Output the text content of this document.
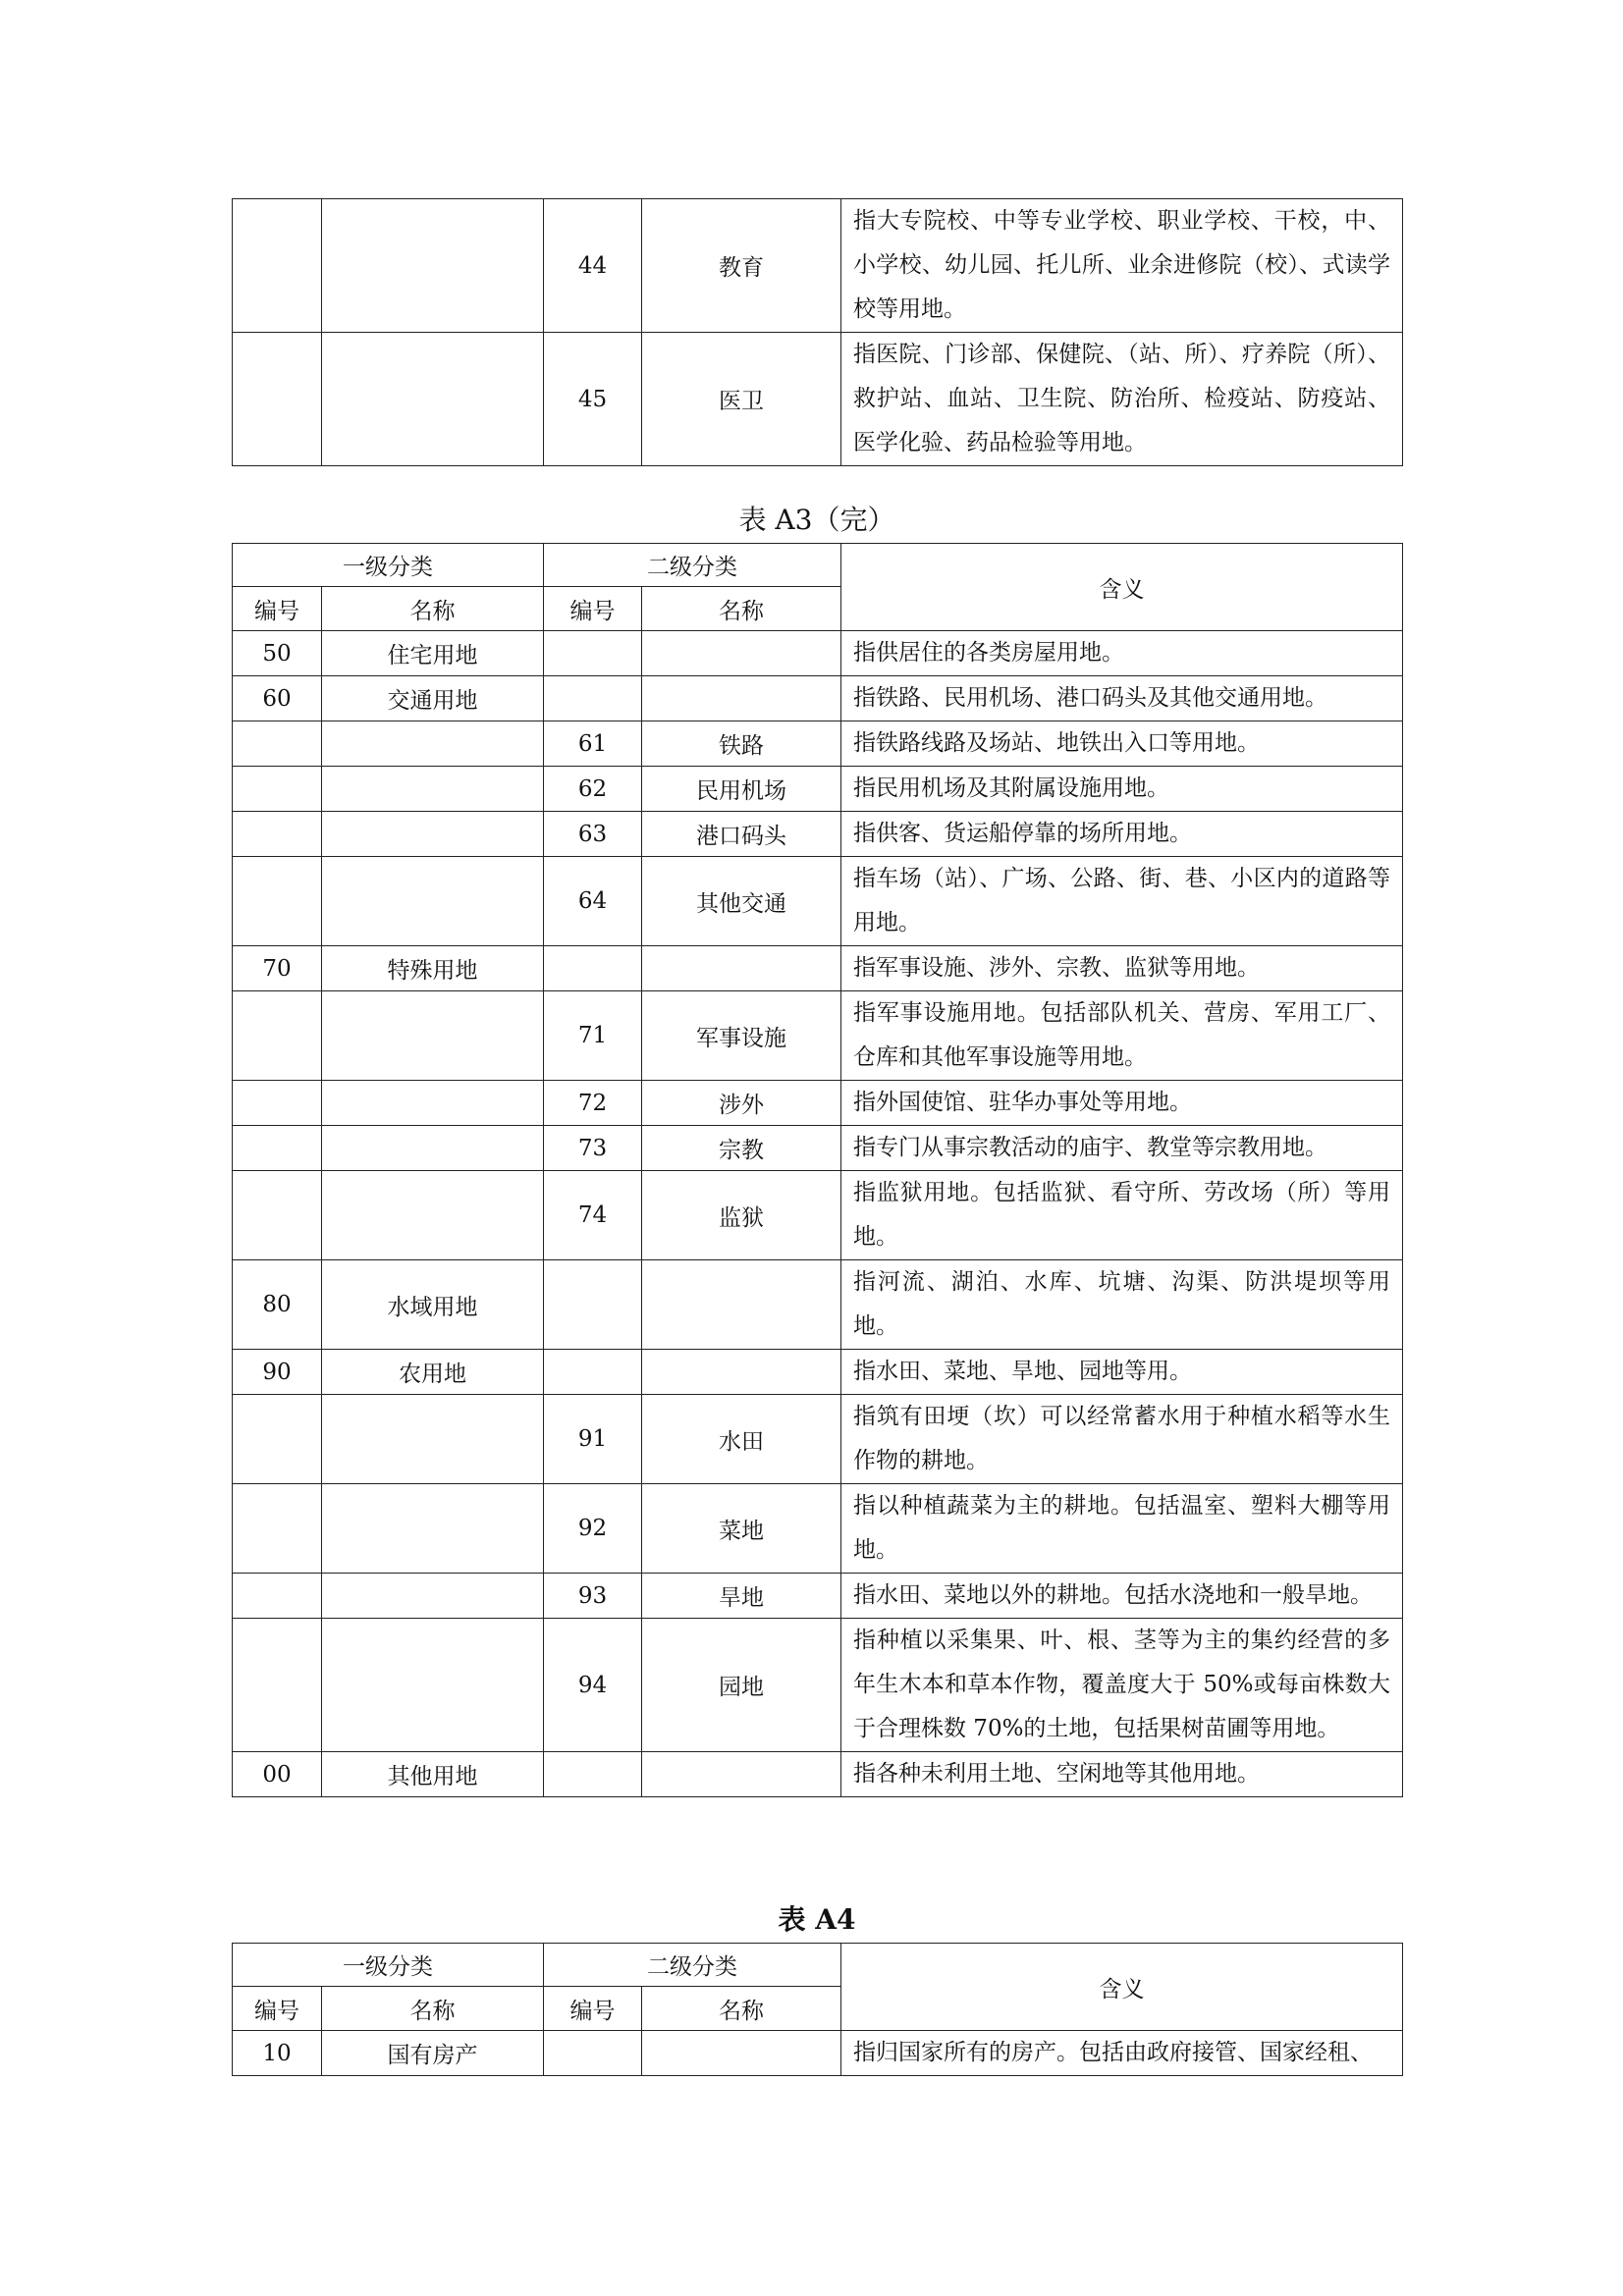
		44	教育	指大专院校、中等专业学校、职业学校、干校，中、小学校、幼儿园、托儿所、业余进修院（校）、式读学校等用地。
		45	医卫	指医院、门诊部、保健院、（站、所）、疗养院（所）、救护站、血站、卫生院、防治所、检疫站、防疫站、医学化验、药品检验等用地。
表 A3（完）
一级分类		二级分类		含义
编号	名称	编号	名称	
50	住宅用地			指供居住的各类房屋用地。
60	交通用地			指铁路、民用机场、港口码头及其他交通用地。
		61	铁路	指铁路线路及场站、地铁出入口等用地。
		62	民用机场	指民用机场及其附属设施用地。
		63	港口码头	指供客、货运船停靠的场所用地。
		64	其他交通	指车场（站）、广场、公路、街、巷、小区内的道路等用地。
70	特殊用地			指军事设施、涉外、宗教、监狱等用地。
		71	军事设施	指军事设施用地。包括部队机关、营房、军用工厂、仓库和其他军事设施等用地。
		72	涉外	指外国使馆、驻华办事处等用地。
		73	宗教	指专门从事宗教活动的庙宇、教堂等宗教用地。
		74	监狱	指监狱用地。包括监狱、看守所、劳改场（所）等用地。
80	水域用地			指河流、湖泊、水库、坑塘、沟渠、防洪堤坝等用地。
90	农用地			指水田、菜地、旱地、园地等用。
		91	水田	指筑有田埂（坎）可以经常蓄水用于种植水稻等水生作物的耕地。
		92	菜地	指以种植蔬菜为主的耕地。包括温室、塑料大棚等用地。
		93	旱地	指水田、菜地以外的耕地。包括水浇地和一般旱地。
		94	园地	指种植以采集果、叶、根、茎等为主的集约经营的多年生木本和草本作物，覆盖度大于 50%或每亩株数大于合理株数 70%的土地，包括果树苗圃等用地。
00	其他用地			指各种未利用土地、空闲地等其他用地。
表 A4
一级分类		二级分类		含义
编号	名称	编号	名称	
10	国有房产			指归国家所有的房产。包括由政府接管、国家经租、
